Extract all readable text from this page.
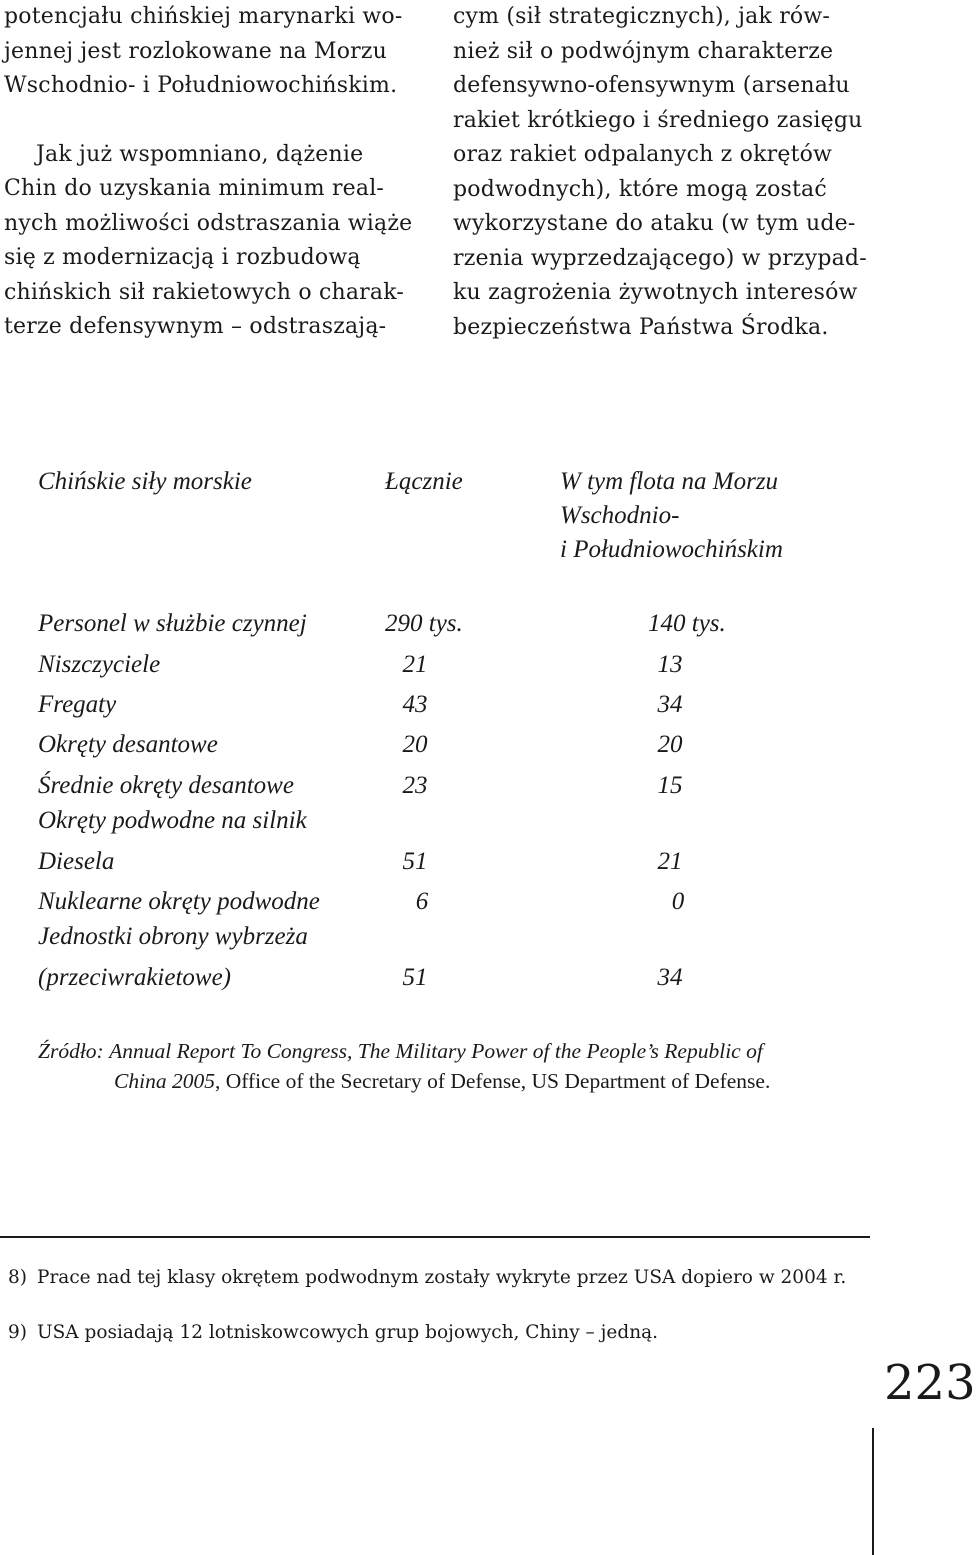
potencjału chińskiej marynarki wo-
jennej jest rozlokowane na Morzu
Wschodnio- i Południowochińskim.

Jak już wspomniano, dążenie
Chin do uzyskania minimum real-
nych możliwości odstraszania wiąże
się z modernizacją i rozbudową
chińskich sił rakietowych o charak-
terze defensywnym – odstraszają-

cym (sił strategicznych), jak rów-
nież sił o podwójnym charakterze
defensywno-ofensywnym (arsenału
rakiet krótkiego i średniego zasięgu
oraz rakiet odpalanych z okrętów
podwodnych), które mogą zostać
wykorzystane do ataku (w tym ude-
rzenia wyprzedzającego) w przypad-
ku zagrożenia żywotnych interesów
bezpieczeństwa Państwa Środka.

Chińskie siły morskie	Łącznie	W tym flota na Morzu
Wschodnio-
i Południowochińskim
Personel w służbie czynnej	290 tys.	140 tys.
Niszczyciele	21	13
Fregaty	43	34
Okręty desantowe	20	20
Średnie okręty desantowe	23	15
Okręty podwodne na silnik
Diesela	51	21
Nuklearne okręty podwodne	6	0
Jednostki obrony wybrzeża
(przeciwrakietowe)	51	34
Źródło: Annual Report To Congress, The Military Power of the People’s Republic of
China 2005, Office of the Secretary of Defense, US Department of Defense.
8) Prace nad tej klasy okrętem podwodnym zostały wykryte przez USA dopiero w 2004 r.
9) USA posiadają 12 lotniskowcowych grup bojowych, Chiny – jedną.
223
